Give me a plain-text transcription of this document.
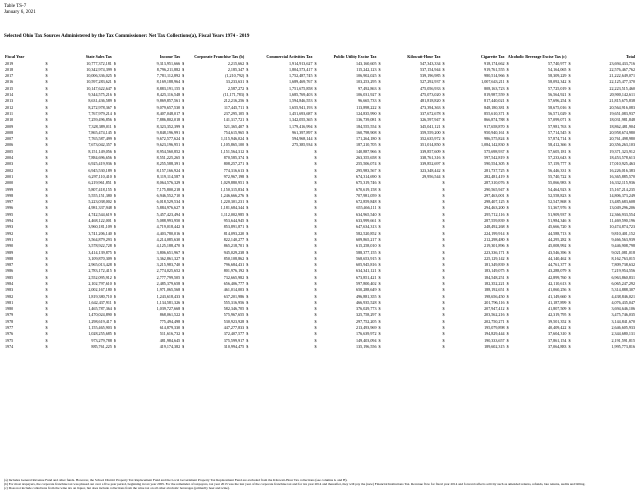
Table TS-7
January 6, 2021
Selected Ohio Tax Sources Administered by the Tax Commissioner: Net Tax Collections(a), Fiscal Years 1974 - 2019
Fiscal Year	State Sales Tax		Income Tax		Corporate Franchise Tax (b)		Commercial Activities Tax		Public Utility Excise Tax		Kilowatt-Hour Tax		Cigarette Tax		Alcoholic Beverage Excise Tax (c)		Total	
2019	$	10,777,372,181	$	9,313,951,666	$	2,215,662	$	1,914,913,627	$	143,160,605	$	547,343,334	$	918,174,662	$	57,740,977	$	23,694,433,716
2018	$	10,342,974,399	$	8,796,211,882	$	2,185,347	$	1,804,573,417	$	115,242,123	$	537,154,944	$	919,761,555	$	54,164,065	$	22,576,467,762
2017	$	10,006,336,025	$	7,781,112,892	$	(1,210,792)	$	1,752,487,745	$	106,902,025	$	539,196,985	$	980,514,966	$	58,309,229	$	21,222,649,071
2016	$	10,597,283,621	$	8,169,188,964	$	33,233,631	$	1,689,469,767	$	103,253,295	$	527,292,937	$	1,007,643,211	$	58,092,342	$	22,125,477,370
2015	$	10,147,622,647	$	8,883,191,155	$	2,587,272	$	1,751,675,858	$	97,492,863	$	475,056,933	$	808,163,723	$	57,725,019	$	22,223,515,460
2014	$	9,344,575,216	$	8,425,116,548	$	(11,171,783)	$	1,685,769,403	$	106,031,927	$	475,073,020	$	819,987,559	$	56,564,921	$	20,900,142,611
2013	$	8,631,436,589	$	9,869,857,561	$	212,216,256	$	1,594,846,553	$	96,665,733	$	481,818,820	$	817,440,021	$	57,696,254	$	21,815,675,838
2012	$	8,272,978,367	$	9,079,657,530	$	117,445,711	$	1,655,941,193	$	113,898,222	$	473,394,363	$	848,180,381	$	58,675,016	$	20,564,916,083
2011	$	7,767,979,214	$	8,407,048,017	$	237,295,105	$	1,451,693,687	$	124,835,990	$	337,672,678	$	855,610,371	$	56,571,029	$	19,651,083,937
2010	$	7,259,496,856	$	7,886,802,018	$	141,317,721	$	1,342,055,365	$	136,739,081	$	326,597,947	$	866,874,788	$	57,099,071	$	18,031,981,848
2009	$	7,328,389,011	$	8,323,352,399	$	521,365,407	$	1,179,416,994	$	184,555,554	$	345,041,121	$	917,658,870	$	57,981,763	$	18,862,481,904
2008	$	7,865,474,145	$	9,848,196,991	$	754,615,965	$	961,397,897	$	160,798,908	$	359,559,200	$	950,940,161	$	57,714,545	$	20,958,674,980
2007	$	7,765,587,499	$	9,672,577,624	$	1,115,946,024	$	594,968,144	$	171,264,180	$	352,635,972	$	986,575,824	$	57,874,714	$	20,761,498,980
2006	$	7,673,042,357	$	9,623,196,951	$	1,105,865,100	$	275,385,934	$	187,210,705	$	351,014,850	$	1,084,142,830	$	58,412,366	$	20,356,263,103
2005	$	8,151,149,056	$	8,954,560,852	$	1,151,564,312	$		$	140,887,966	$	339,857,609	$	575,698,937	$	57,605,181	$	19,371,323,912
2004	$	7,884,696,656	$	8,551,225,265	$	870,585,374	$		$	263,355,658	$	338,761,316	$	597,542,819	$	57,233,643	$	18,453,578,613
2003	$	6,925,419,936	$	8,255,588,391	$	808,257,271	$		$	255,506,074	$	339,852,697	$	590,554,305	$	57,159,777	$	17,010,925,463
2002	$	6,945,530,189	$	8,157,166,924	$	774,316,613	$		$	295,983,567	$	323,348,442	$	281,737,725	$	56,446,331	$	16,226,016,383
2001	$	6,297,110,410	$	8,119,114,587	$	972,967,198	$		$	674,314,690	$	29,956,544	$	282,481,419	$	55,740,722	$	16,365,885,570
2000	$	6,219,961,851	$	8,064,576,329	$	1,029,880,951	$		$	675,319,746	$		$	287,310,076	$	55,066,983	$	16,332,115,936
1999	$	5,807,418,155	$	7,175,800,218	$	1,150,315,834	$		$	670,619,158	$		$	290,565,947	$	54,464,923	$	15,167,214,235
1998	$	5,555,151,380	$	6,946,552,710	$	1,246,666,276	$		$	707,981,059	$		$	297,463,001	$	52,558,823	$	14,806,373,249
1997	$	5,223,038,002	$	6,018,529,534	$	1,220,301,231	$		$	672,859,848	$		$	298,407,125	$	52,547,868	$	13,485,683,608
1996	$	4,981,337,948	$	5,884,976,627	$	1,181,684,344	$		$	655,466,111	$		$	294,463,200	$	51,367,976	$	13,049,296,206
1995	$	4,742,544,619	$	5,457,423,494	$	1,112,002,985	$		$	634,965,540	$		$	295,712,116	$	51,909,937	$	12,366,933,554
1994	$	4,468,122,001	$	5,088,993,950	$	953,644,945	$		$	633,999,661	$		$	287,559,839	$	51,984,346	$	11,469,590,196
1993	$	3,960,181,109	$	4,719,018,442	$	853,891,871	$		$	647,634,313	$		$	248,492,268	$	45,666,720	$	10,474,874,723
1992	$	3,741,206,140	$	4,403,780,016	$	814,093,220	$		$	582,520,852	$		$	224,199,914	$	44,588,713	$	9,810,401,152
1991	$	3,564,879,293	$	4,214,085,630	$	822,140,277	$		$	609,865,217	$		$	212,298,480	$	44,295,282	$	9,466,563,939
1990	$	3,578,922,728	$	4,125,188,470	$	865,218,701	$		$	615,258,010	$		$	219,301,896	$	45,008,992	$	9,446,908,798
1989	$	3,414,139,875	$	3,806,651,967	$	945,029,238	$		$	588,377,155	$		$	223,336,171	$	43,546,396	$	9,021,081,018
1988	$	3,109,870,309	$	3,362,861,327	$	850,108,862	$		$	568,653,915	$		$	225,129,142	$	44,140,462	$	8,162,763,015
1987	$	2,965,013,428	$	3,215,983,740	$	796,684,431	$		$	605,945,816	$		$	181,349,839	$	44,761,377	$	7,809,738,632
1986	$	2,783,172,415	$	2,774,025,652	$	801,976,192	$		$	634,341,121	$		$	183,149,075	$	43,288,079	$	7,219,954,556
1985	$	2,552,095,912	$	2,777,799,505	$	732,665,982	$		$	673,851,421	$		$	184,548,251	$	42,899,760	$	6,963,860,831
1984	$	2,102,797,610	$	2,485,379,658	$	656,406,777	$		$	597,800,402	$		$	182,352,221	$	42,110,613	$	6,065,247,292
1983	$	2,002,167,180	$	1,971,065,568	$	461,014,003	$		$	650,288,649	$		$	188,192,651	$	41,060,256	$	5,314,888,307
1982	$	1,819,380,710	$	1,243,618,433	$	637,201,986	$		$	496,881,355	$		$	198,656,450	$	41,149,660	$	4,438,846,021
1981	$	1,642,437,911	$	1,134,581,326	$	555,316,956	$		$	466,935,528	$		$	201,796,116	$	41,187,899	$	4,076,435,047
1980	$	1,465,787,364	$	1,039,727,668	$	582,346,705	$		$	376,029,773	$		$	207,947,412	$	41,807,509	$	3,694,646,106
1979	$	1,470,024,890	$	868,061,522	$	575,967,655	$		$	325,758,297	$		$	203,562,216	$	42,319,795	$	3,475,746,035
1978	$	1,298,619,417	$	775,494,498	$	530,923,928	$		$	297,752,205	$		$	202,750,271	$	39,501,352	$	3,144,841,670
1977	$	1,155,465,903	$	614,879,330	$	447,277,833	$		$	213,493,969	$		$	195,079,898	$	40,409,422	$	2,646,605,933
1976	$	1,028,255,685	$	511,616,732	$	372,407,577	$		$	176,639,972	$		$	194,829,444	$	37,604,310	$	2,344,680,131
1975	$	973,279,788	$	481,984,645	$	375,599,917	$		$	149,403,094	$		$	190,333,657	$	37,861,154	$	2,191,591,815
1974	$	885,761,225	$	419,174,382	$	310,994,475	$		$	135,196,556	$		$	189,602,315	$	37,064,883	$	1,995,773,816
(a) Includes General Revenue Fund and other funds. However, the School District Property Tax Replacement Fund and the Local Government Property Tax Replacement Fund are excluded from the Kilowatt-Hour Tax collections (see columns G and H).
(b) For most taxpayers, the corporate franchise tax was phased out over a five-year period, beginning in tax year 2005. For the remainder of taxpayers, tax year 2013 was the last year of the corporate franchise tax and for tax year 2014 and thereafter, they will pay the (new) Financial Institutions Tax. Revenue flow for fiscal year 2014 and forward reflects activity such as amended returns, refunds, late returns, audits and billing.
(c) Does not include collections from the wine tax on liquor, but does include collections from the wine tax on all other alcoholic beverages (primarily beer and wine).
